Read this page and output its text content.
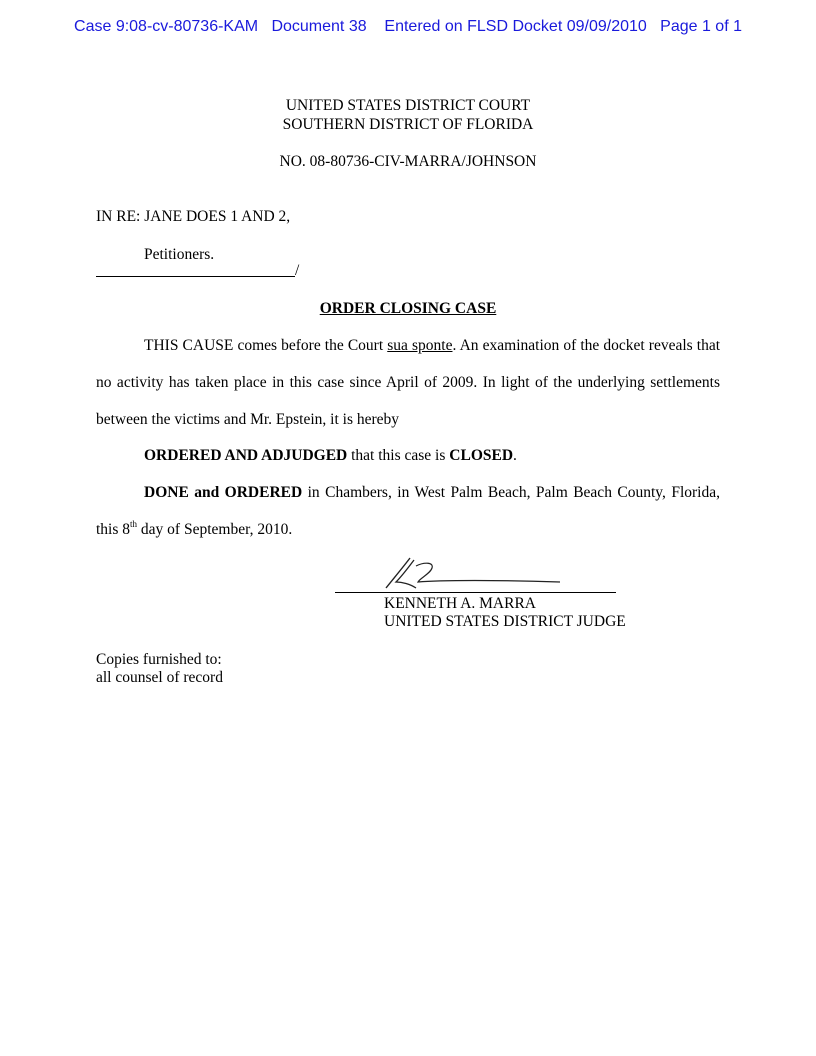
Case 9:08-cv-80736-KAM Document 38 Entered on FLSD Docket 09/09/2010 Page 1 of 1
UNITED STATES DISTRICT COURT
SOUTHERN DISTRICT OF FLORIDA
NO. 08-80736-CIV-MARRA/JOHNSON
IN RE: JANE DOES 1 AND 2,
Petitioners.
/
ORDER CLOSING CASE
THIS CAUSE comes before the Court sua sponte. An examination of the docket reveals that
no activity has taken place in this case since April of 2009. In light of the underlying settlements
between the victims and Mr. Epstein, it is hereby
ORDERED AND ADJUDGED that this case is CLOSED.
DONE and ORDERED in Chambers, in West Palm Beach, Palm Beach County, Florida,
this 8th day of September, 2010.
KENNETH A. MARRA
UNITED STATES DISTRICT JUDGE
Copies furnished to:
all counsel of record
